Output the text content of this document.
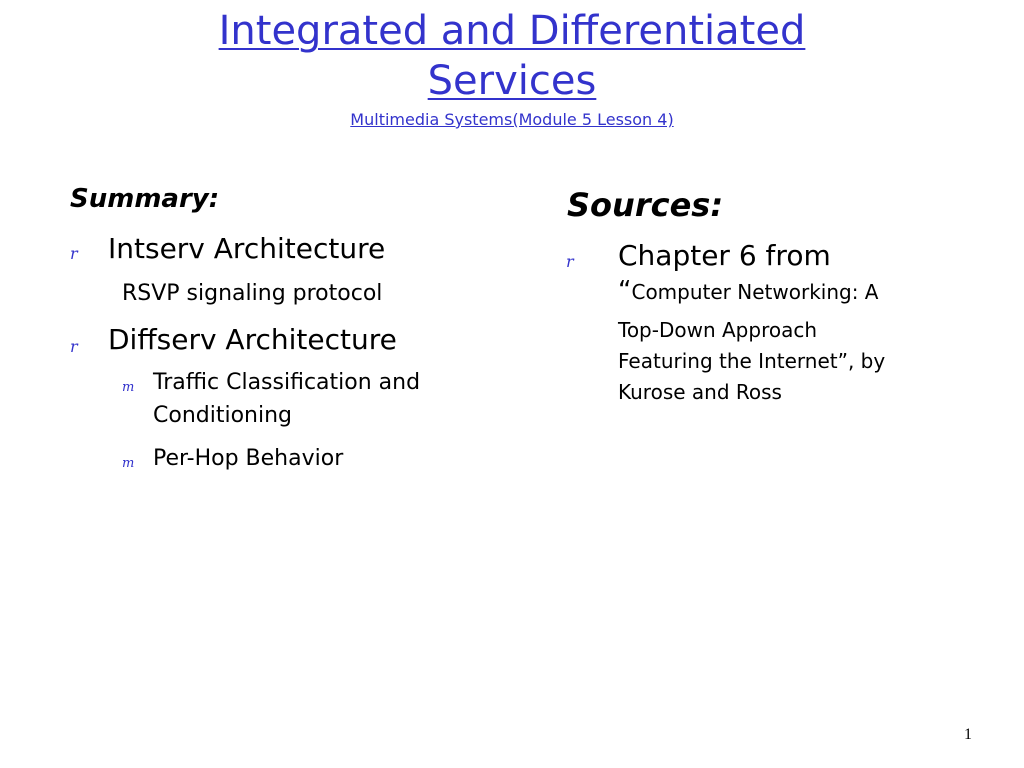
Integrated and Differentiated
Services
Multimedia Systems(Module 5 Lesson 4)
Summary:
r Intserv Architecture
RSVP signaling protocol
r Diffserv Architecture
m Traffic Classification and
Conditioning
m Per-Hop Behavior
Sources:
r Chapter 6 from
“Computer Networking: A
Top-Down Approach
Featuring the Internet”, by
Kurose and Ross
1
